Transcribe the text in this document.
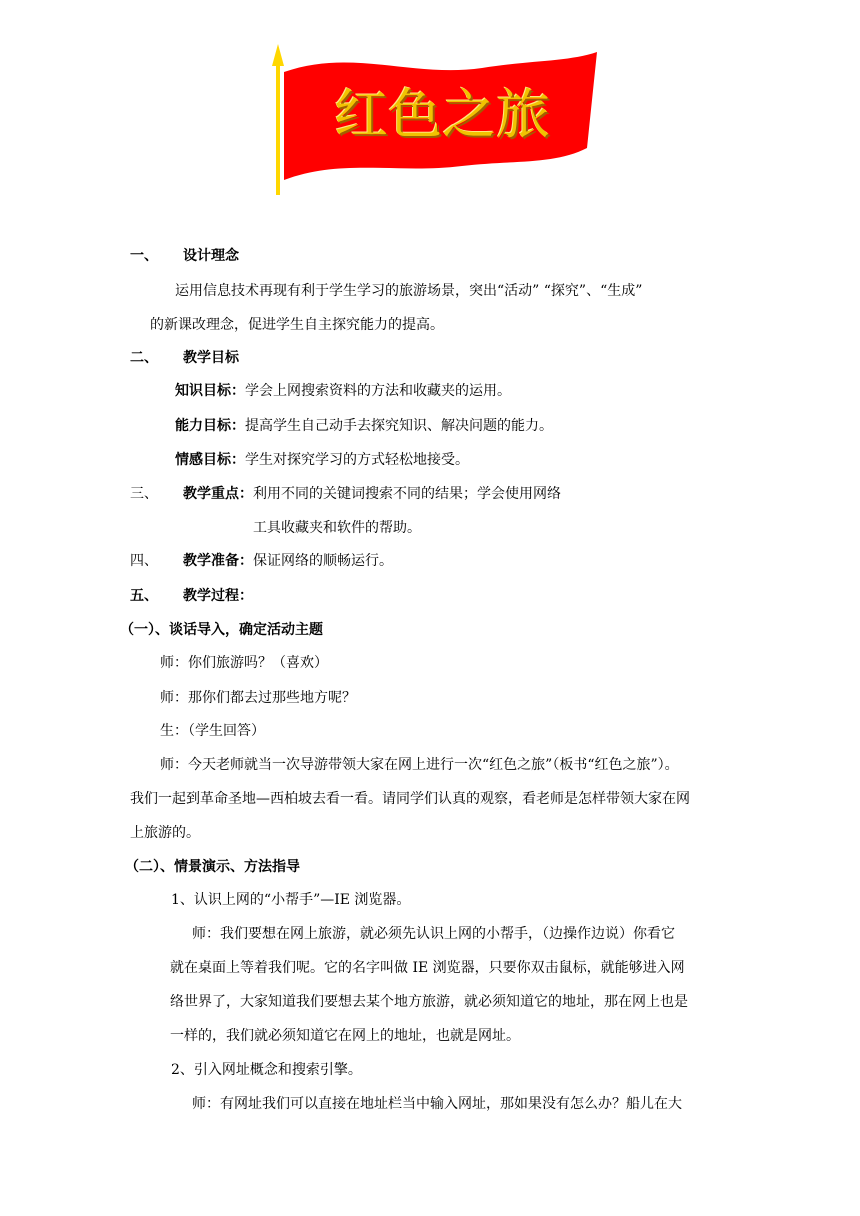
红色之旅
一、 设计理念
运用信息技术再现有利于学生学习的旅游场景，突出“活动” “探究”、“生成”
的新课改理念，促进学生自主探究能力的提高。
二、 教学目标
知识目标：学会上网搜索资料的方法和收藏夹的运用。
能力目标：提高学生自己动手去探究知识、解决问题的能力。
情感目标：学生对探究学习的方式轻松地接受。
三、 教学重点：利用不同的关键词搜索不同的结果；学会使用网络
工具收藏夹和软件的帮助。
四、 教学准备：保证网络的顺畅运行。
五、 教学过程：
（一）、谈话导入，确定活动主题
师：你们旅游吗？（喜欢）
师：那你们都去过那些地方呢？
生：（学生回答）
师：今天老师就当一次导游带领大家在网上进行一次“红色之旅”（板书“红色之旅”）。
我们一起到革命圣地—西柏坡去看一看。请同学们认真的观察，看老师是怎样带领大家在网
上旅游的。
（二）、情景演示、方法指导
1、认识上网的“小帮手”—IE 浏览器。
师：我们要想在网上旅游，就必须先认识上网的小帮手，（边操作边说）你看它
就在桌面上等着我们呢。它的名字叫做 IE 浏览器，只要你双击鼠标，就能够进入网
络世界了，大家知道我们要想去某个地方旅游，就必须知道它的地址，那在网上也是
一样的，我们就必须知道它在网上的地址，也就是网址。
2、引入网址概念和搜索引擎。
师：有网址我们可以直接在地址栏当中输入网址，那如果没有怎么办？船儿在大
